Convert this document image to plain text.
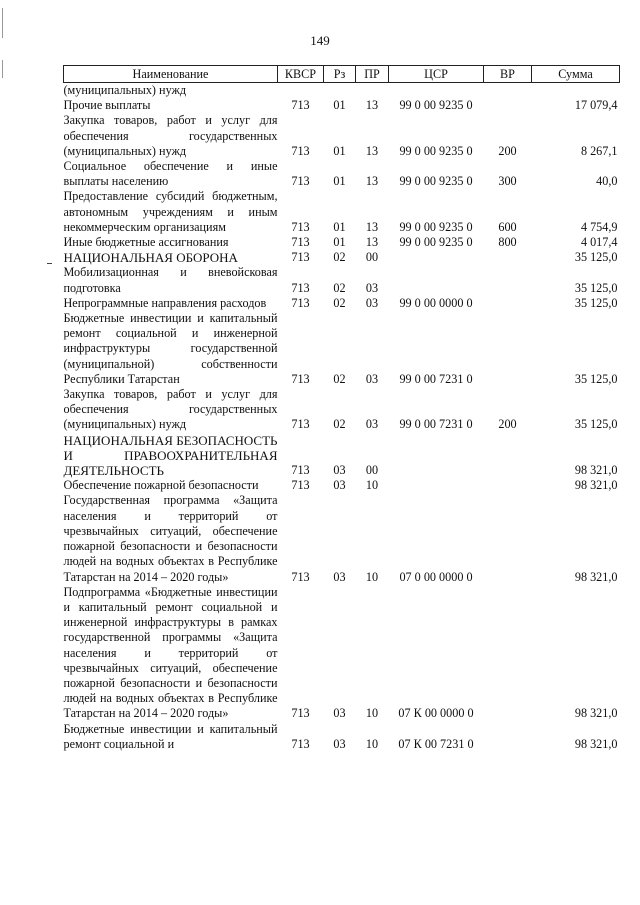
149
Наименование	КВСР	Рз	ПР	ЦСР	ВР	Сумма
(муниципальных) нужд						
Прочие выплаты	713	01	13	99 0 00 9235 0		17 079,4
Закупка товаров, работ и услуг для обеспечения государственных (муниципальных) нужд	713	01	13	99 0 00 9235 0	200	8 267,1
Социальное обеспечение и иные выплаты населению	713	01	13	99 0 00 9235 0	300	40,0
Предоставление субсидий бюджетным, автономным учреждениям и иным некоммерческим организациям	713	01	13	99 0 00 9235 0	600	4 754,9
Иные бюджетные ассигнования	713	01	13	99 0 00 9235 0	800	4 017,4
НАЦИОНАЛЬНАЯ ОБОРОНА	713	02	00			35 125,0
Мобилизационная и вневойсковая подготовка	713	02	03			35 125,0
Непрограммные направления расходов	713	02	03	99 0 00 0000 0		35 125,0
Бюджетные инвестиции и капитальный ремонт социальной и инженерной инфраструктуры государственной (муниципальной) собственности Республики Татарстан	713	02	03	99 0 00 7231 0		35 125,0
Закупка товаров, работ и услуг для обеспечения государственных (муниципальных) нужд	713	02	03	99 0 00 7231 0	200	35 125,0
НАЦИОНАЛЬНАЯ БЕЗОПАСНОСТЬ И ПРАВООХРАНИТЕЛЬНАЯ ДЕЯТЕЛЬНОСТЬ	713	03	00			98 321,0
Обеспечение пожарной безопасности	713	03	10			98 321,0
Государственная программа «Защита населения и территорий от чрезвычайных ситуаций, обеспечение пожарной безопасности и безопасности людей на водных объектах в Республике Татарстан на 2014 – 2020 годы»	713	03	10	07 0 00 0000 0		98 321,0
Подпрограмма «Бюджетные инвестиции и капитальный ремонт социальной и инженерной инфраструктуры в рамках государственной программы «Защита населения и территорий от чрезвычайных ситуаций, обеспечение пожарной безопасности и безопасности людей на водных объектах в Республике Татарстан на 2014 – 2020 годы»	713	03	10	07 К 00 0000 0		98 321,0
Бюджетные инвестиции и капитальный ремонт социальной и	713	03	10	07 К 00 7231 0		98 321,0
